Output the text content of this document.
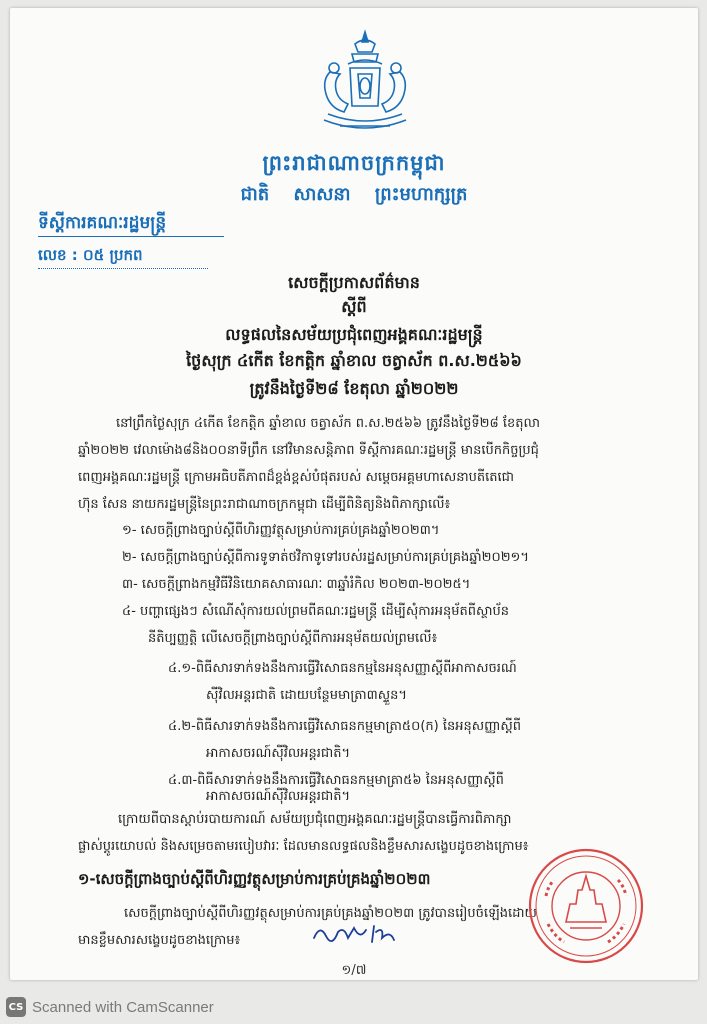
ព្រះរាជាណាចក្រកម្ពុជា
ជាតិ សាសនា ព្រះមហាក្សត្រ
ទីស្ដីការគណៈរដ្ឋមន្ត្រី
លេខ : ០៥ ប្រកព
សេចក្តីប្រកាសព័ត៌មាន
ស្ដីពី
លទ្ធផលនៃសម័យប្រជុំពេញអង្គគណៈរដ្ឋមន្ត្រី
ថ្ងៃសុក្រ ៤កើត ខែកត្តិក ឆ្នាំខាល ចត្វាស័ក ព.ស.២៥៦៦
ត្រូវនឹងថ្ងៃទី២៨ ខែតុលា ឆ្នាំ២០២២
នៅព្រឹកថ្ងៃសុក្រ ៤កើត ខែកត្តិក ឆ្នាំខាល ចត្វាស័ក ព.ស.២៥៦៦ ត្រូវនឹងថ្ងៃទី២៨ ខែតុលា
ឆ្នាំ២០២២ វេលាម៉ោង៨និង០០នាទីព្រឹក នៅវិមានសន្តិភាព ទីស្ដីការគណៈរដ្ឋមន្ត្រី មានបើកកិច្ចប្រជុំ
ពេញអង្គគណៈរដ្ឋមន្ត្រី ក្រោមអធិបតីភាពដ៏ខ្ពង់ខ្ពស់បំផុតរបស់ សម្ដេចអគ្គមហាសេនាបតីតេជោ
ហ៊ុន សែន នាយករដ្ឋមន្ត្រីនៃព្រះរាជាណាចក្រកម្ពុជា ដើម្បីពិនិត្យនិងពិភាក្សាលើ៖
១- សេចក្ដីព្រាងច្បាប់ស្ដីពីហិរញ្ញវត្ថុសម្រាប់ការគ្រប់គ្រងឆ្នាំ២០២៣។
២- សេចក្ដីព្រាងច្បាប់ស្ដីពីការទូទាត់ថវិកាទូទៅរបស់រដ្ឋសម្រាប់ការគ្រប់គ្រងឆ្នាំ២០២១។
៣- សេចក្ដីព្រាងកម្មវិធីវិនិយោគសាធារណៈ ៣ឆ្នាំរំកិល ២០២៣-២០២៥។
៤- បញ្ហាផ្សេងៗ សំណើសុំការយល់ព្រមពីគណៈរដ្ឋមន្ត្រី ដើម្បីសុំការអនុម័តពីស្ថាប័ន
នីតិប្បញ្ញត្តិ លើសេចក្ដីព្រាងច្បាប់ស្ដីពីការអនុម័តយល់ព្រមលើ៖
៤.១-ពិធីសារទាក់ទងនឹងការធ្វើវិសោធនកម្មនៃអនុសញ្ញាស្ដីពីអាកាសចរណ៍
ស៊ីវិលអន្តរជាតិ ដោយបន្ថែមមាត្រា៣ស្ទួន។
៤.២-ពិធីសារទាក់ទងនឹងការធ្វើវិសោធនកម្មមាត្រា៥០(ក) នៃអនុសញ្ញាស្ដីពី
អាកាសចរណ៍ស៊ីវិលអន្តរជាតិ។
៤.៣-ពិធីសារទាក់ទងនឹងការធ្វើវិសោធនកម្មមាត្រា៥៦ នៃអនុសញ្ញាស្ដីពី
អាកាសចរណ៍ស៊ីវិលអន្តរជាតិ។
ក្រោយពីបានស្ដាប់របាយការណ៍ សម័យប្រជុំពេញអង្គគណៈរដ្ឋមន្ត្រីបានធ្វើការពិភាក្សា
ផ្លាស់ប្ដូរយោបល់ និងសម្រេចតាមរបៀបវារៈ ដែលមានលទ្ធផលនិងខ្លឹមសារសង្ខេបដូចខាងក្រោម៖
១-សេចក្ដីព្រាងច្បាប់ស្ដីពីហិរញ្ញវត្ថុសម្រាប់ការគ្រប់គ្រងឆ្នាំ២០២៣
សេចក្ដីព្រាងច្បាប់ស្ដីពីហិរញ្ញវត្ថុសម្រាប់ការគ្រប់គ្រងឆ្នាំ២០២៣ ត្រូវបានរៀបចំឡើងដោយ
មានខ្លឹមសារសង្ខេបដូចខាងក្រោម៖
១/៧
CS Scanned with CamScanner
